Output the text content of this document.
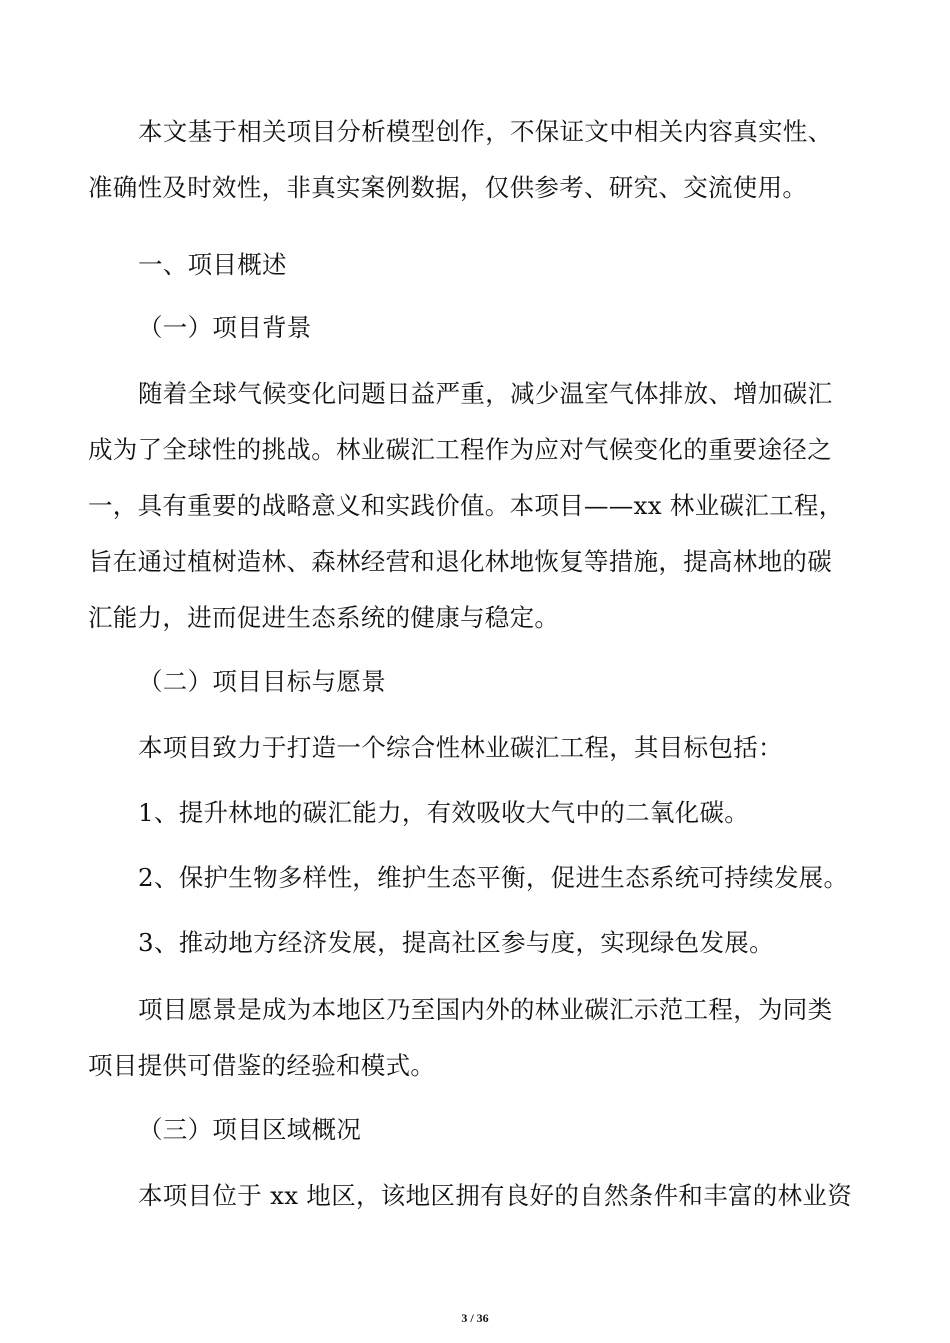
本文基于相关项目分析模型创作，不保证文中相关内容真实性、
准确性及时效性，非真实案例数据，仅供参考、研究、交流使用。
一、项目概述
（一）项目背景
随着全球气候变化问题日益严重，减少温室气体排放、增加碳汇
成为了全球性的挑战。林业碳汇工程作为应对气候变化的重要途径之
一，具有重要的战略意义和实践价值。本项目——xx 林业碳汇工程，
旨在通过植树造林、森林经营和退化林地恢复等措施，提高林地的碳
汇能力，进而促进生态系统的健康与稳定。
（二）项目目标与愿景
本项目致力于打造一个综合性林业碳汇工程，其目标包括：
1、提升林地的碳汇能力，有效吸收大气中的二氧化碳。
2、保护生物多样性，维护生态平衡，促进生态系统可持续发展。
3、推动地方经济发展，提高社区参与度，实现绿色发展。
项目愿景是成为本地区乃至国内外的林业碳汇示范工程，为同类
项目提供可借鉴的经验和模式。
（三）项目区域概况
本项目位于 xx 地区，该地区拥有良好的自然条件和丰富的林业资
3 / 36
